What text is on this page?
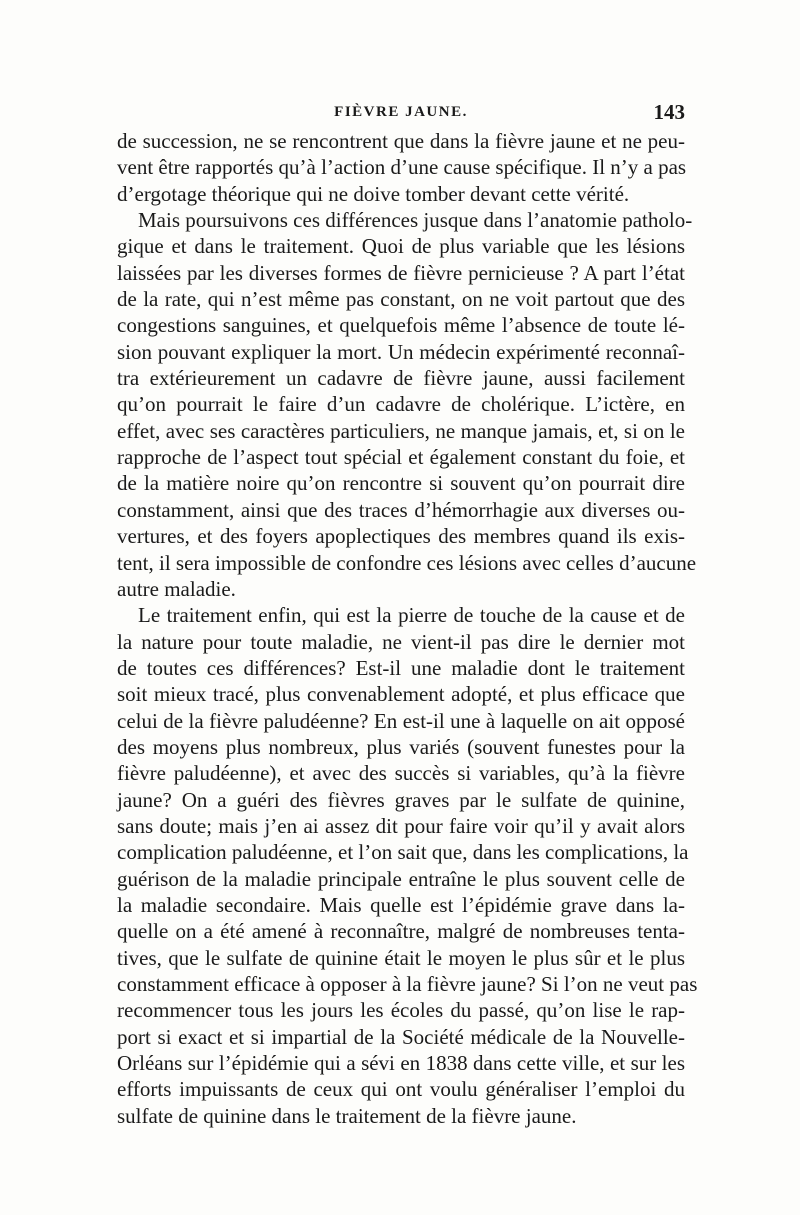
FIÈVRE JAUNE.	143
de succession, ne se rencontrent que dans la fièvre jaune et ne peu-
vent être rapportés qu’à l’action d’une cause spécifique. Il n’y a pas
d’ergotage théorique qui ne doive tomber devant cette vérité.
Mais poursuivons ces différences jusque dans l’anatomie patholo-
gique et dans le traitement. Quoi de plus variable que les lésions
laissées par les diverses formes de fièvre pernicieuse ? A part l’état
de la rate, qui n’est même pas constant, on ne voit partout que des
congestions sanguines, et quelquefois même l’absence de toute lé-
sion pouvant expliquer la mort. Un médecin expérimenté reconnaî-
tra extérieurement un cadavre de fièvre jaune, aussi facilement
qu’on pourrait le faire d’un cadavre de cholérique. L’ictère, en
effet, avec ses caractères particuliers, ne manque jamais, et, si on le
rapproche de l’aspect tout spécial et également constant du foie, et
de la matière noire qu’on rencontre si souvent qu’on pourrait dire
constamment, ainsi que des traces d’hémorrhagie aux diverses ou-
vertures, et des foyers apoplectiques des membres quand ils exis-
tent, il sera impossible de confondre ces lésions avec celles d’aucune
autre maladie.
Le traitement enfin, qui est la pierre de touche de la cause et de
la nature pour toute maladie, ne vient-il pas dire le dernier mot
de toutes ces différences? Est-il une maladie dont le traitement
soit mieux tracé, plus convenablement adopté, et plus efficace que
celui de la fièvre paludéenne? En est-il une à laquelle on ait opposé
des moyens plus nombreux, plus variés (souvent funestes pour la
fièvre paludéenne), et avec des succès si variables, qu’à la fièvre
jaune? On a guéri des fièvres graves par le sulfate de quinine,
sans doute; mais j’en ai assez dit pour faire voir qu’il y avait alors
complication paludéenne, et l’on sait que, dans les complications, la
guérison de la maladie principale entraîne le plus souvent celle de
la maladie secondaire. Mais quelle est l’épidémie grave dans la-
quelle on a été amené à reconnaître, malgré de nombreuses tenta-
tives, que le sulfate de quinine était le moyen le plus sûr et le plus
constamment efficace à opposer à la fièvre jaune? Si l’on ne veut pas
recommencer tous les jours les écoles du passé, qu’on lise le rap-
port si exact et si impartial de la Société médicale de la Nouvelle-
Orléans sur l’épidémie qui a sévi en 1838 dans cette ville, et sur les
efforts impuissants de ceux qui ont voulu généraliser l’emploi du
sulfate de quinine dans le traitement de la fièvre jaune.
